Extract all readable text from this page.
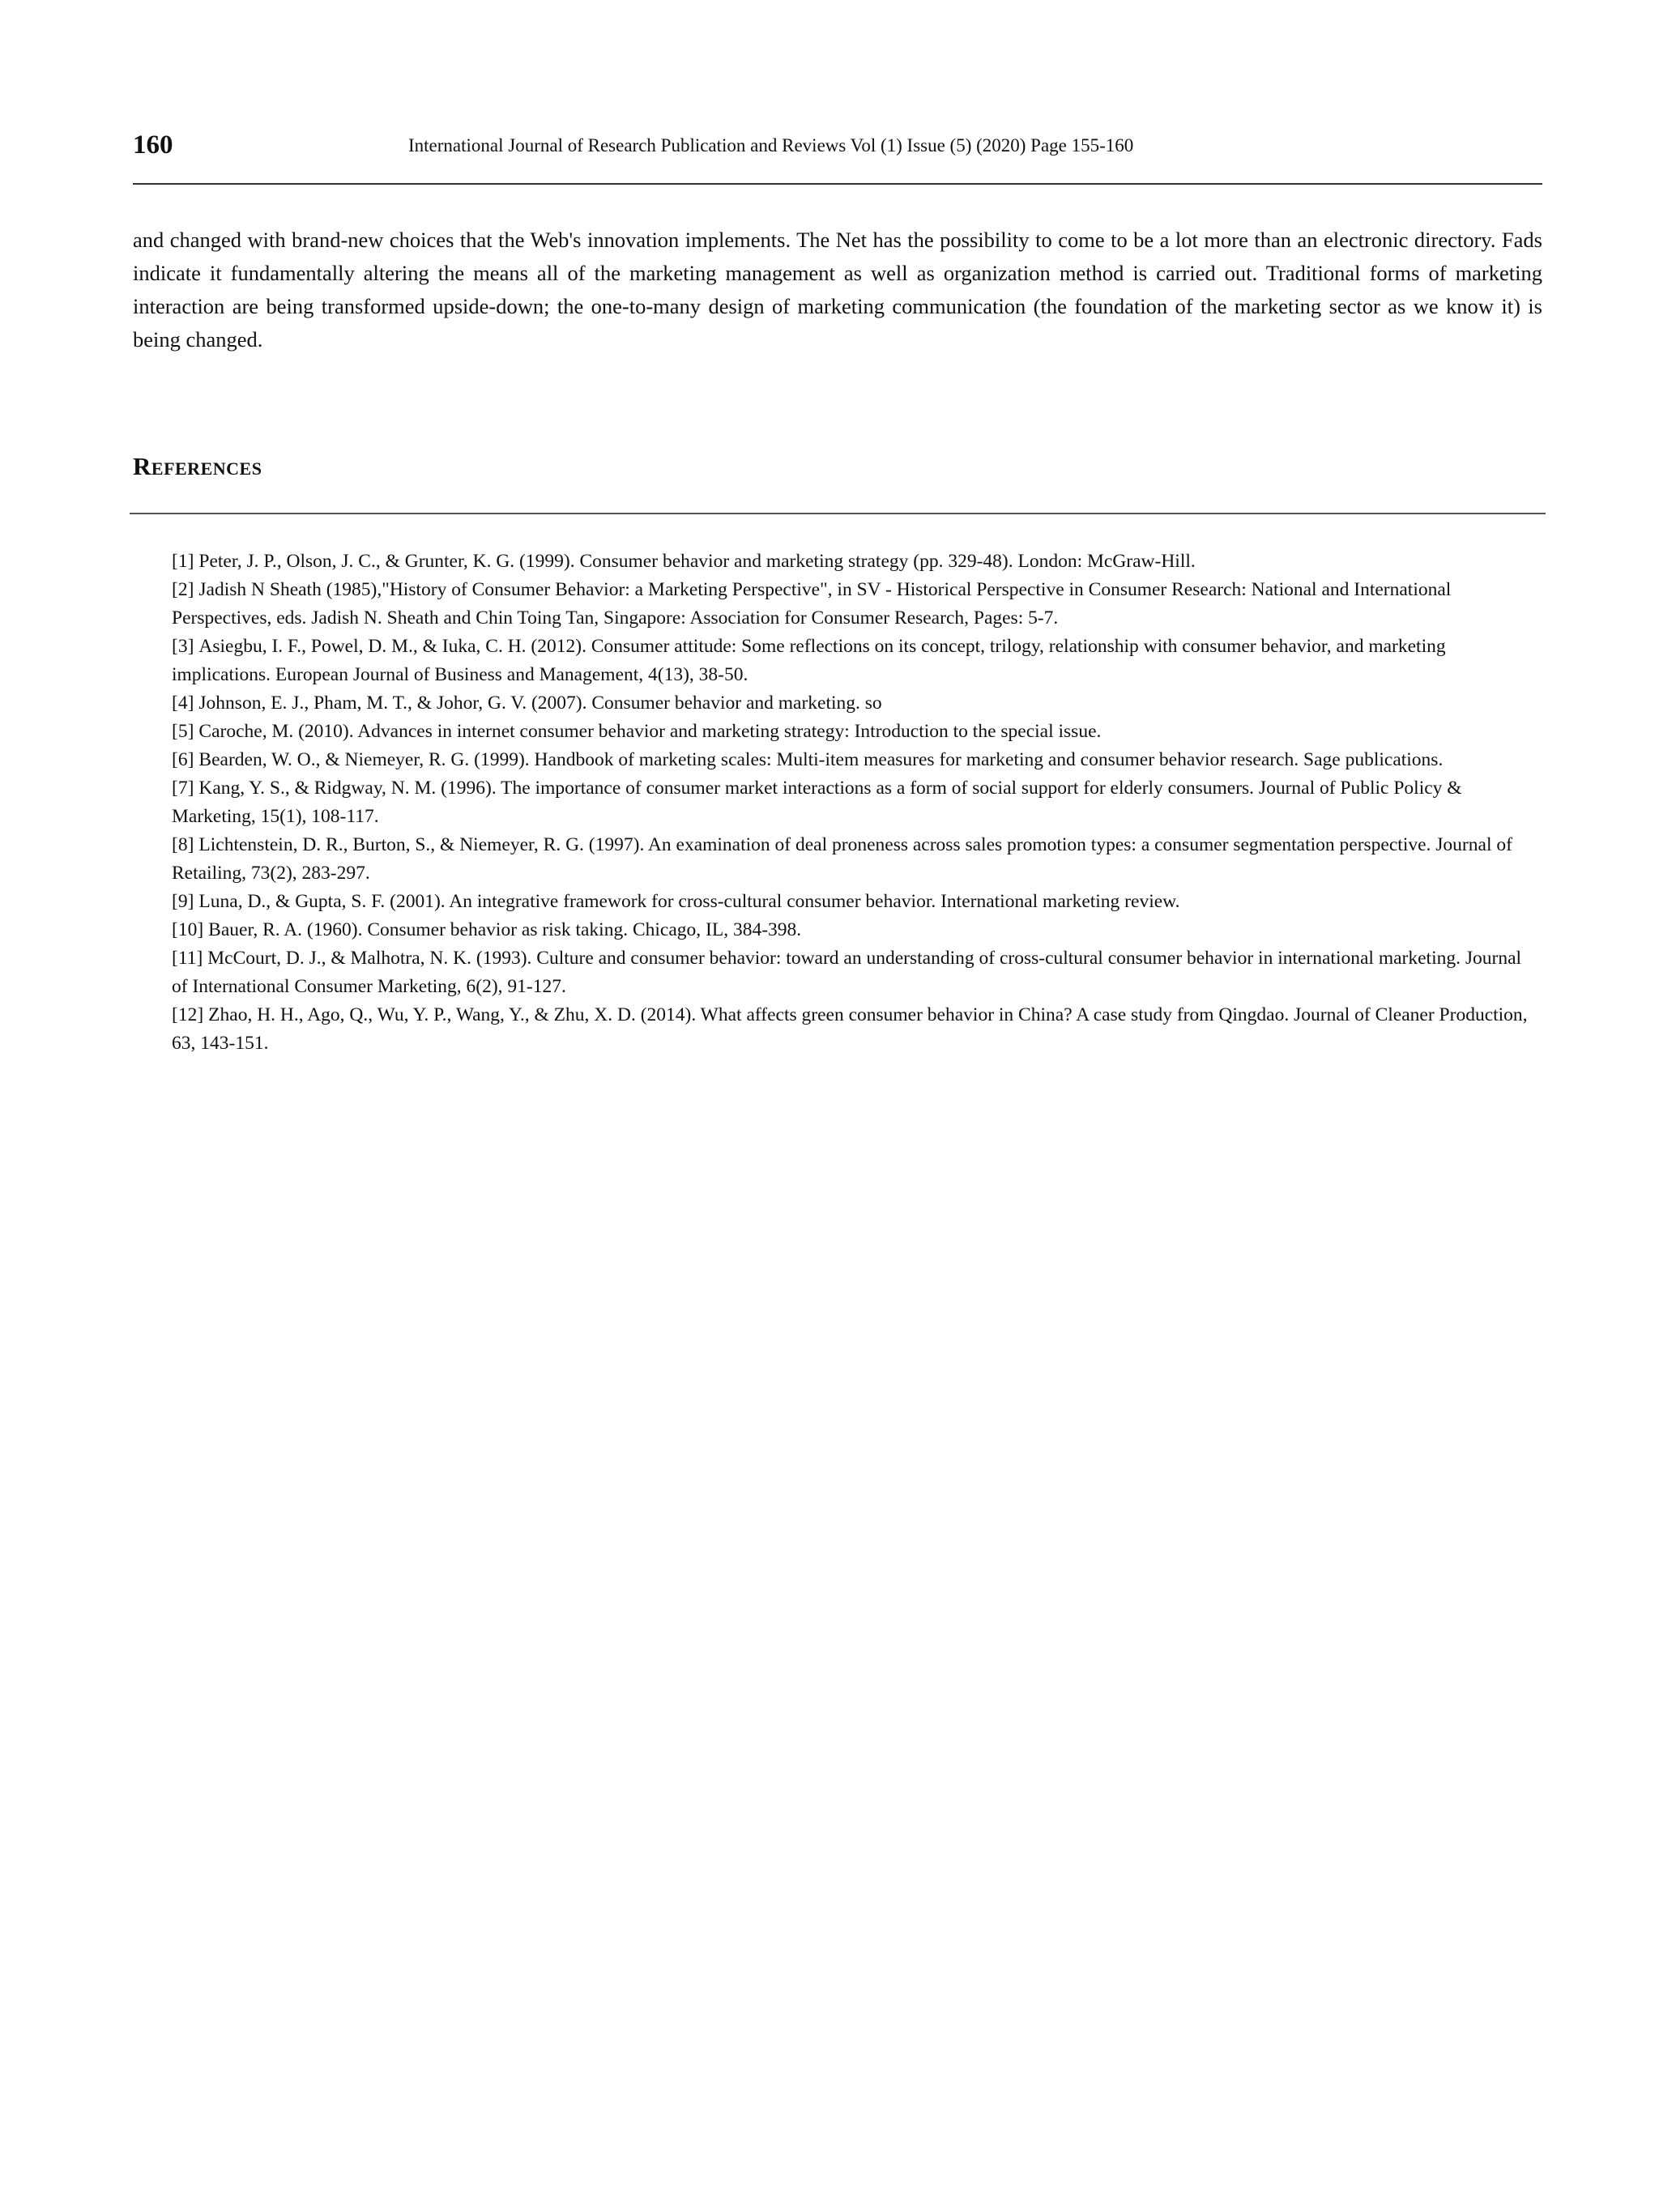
160	International Journal of Research Publication and Reviews Vol (1) Issue (5) (2020) Page 155-160

and changed with brand-new choices that the Web's innovation implements. The Net has the possibility to come to be a lot more than an electronic directory. Fads indicate it fundamentally altering the means all of the marketing management as well as organization method is carried out. Traditional forms of marketing interaction are being transformed upside-down; the one-to-many design of marketing communication (the foundation of the marketing sector as we know it) is being changed.

REFERENCES
[1] Peter, J. P., Olson, J. C., & Grunter, K. G. (1999). Consumer behavior and marketing strategy (pp. 329-48). London: McGraw-Hill.
[2] Jadish N Sheath (1985),"History of Consumer Behavior: a Marketing Perspective", in SV - Historical Perspective in Consumer Research: National and International Perspectives, eds. Jadish N. Sheath and Chin Toing Tan, Singapore: Association for Consumer Research, Pages: 5-7.
[3] Asiegbu, I. F., Powel, D. M., & Iuka, C. H. (2012). Consumer attitude: Some reflections on its concept, trilogy, relationship with consumer behavior, and marketing implications. European Journal of Business and Management, 4(13), 38-50.
[4] Johnson, E. J., Pham, M. T., & Johor, G. V. (2007). Consumer behavior and marketing. so
[5] Caroche, M. (2010). Advances in internet consumer behavior and marketing strategy: Introduction to the special issue.
[6] Bearden, W. O., & Niemeyer, R. G. (1999). Handbook of marketing scales: Multi-item measures for marketing and consumer behavior research. Sage publications.
[7] Kang, Y. S., & Ridgway, N. M. (1996). The importance of consumer market interactions as a form of social support for elderly consumers. Journal of Public Policy & Marketing, 15(1), 108-117.
[8] Lichtenstein, D. R., Burton, S., & Niemeyer, R. G. (1997). An examination of deal proneness across sales promotion types: a consumer segmentation perspective. Journal of Retailing, 73(2), 283-297.
[9] Luna, D., & Gupta, S. F. (2001). An integrative framework for cross-cultural consumer behavior. International marketing review.
[10] Bauer, R. A. (1960). Consumer behavior as risk taking. Chicago, IL, 384-398.
[11] McCourt, D. J., & Malhotra, N. K. (1993). Culture and consumer behavior: toward an understanding of cross-cultural consumer behavior in international marketing. Journal of International Consumer Marketing, 6(2), 91-127.
[12] Zhao, H. H., Ago, Q., Wu, Y. P., Wang, Y., & Zhu, X. D. (2014). What affects green consumer behavior in China? A case study from Qingdao. Journal of Cleaner Production, 63, 143-151.
